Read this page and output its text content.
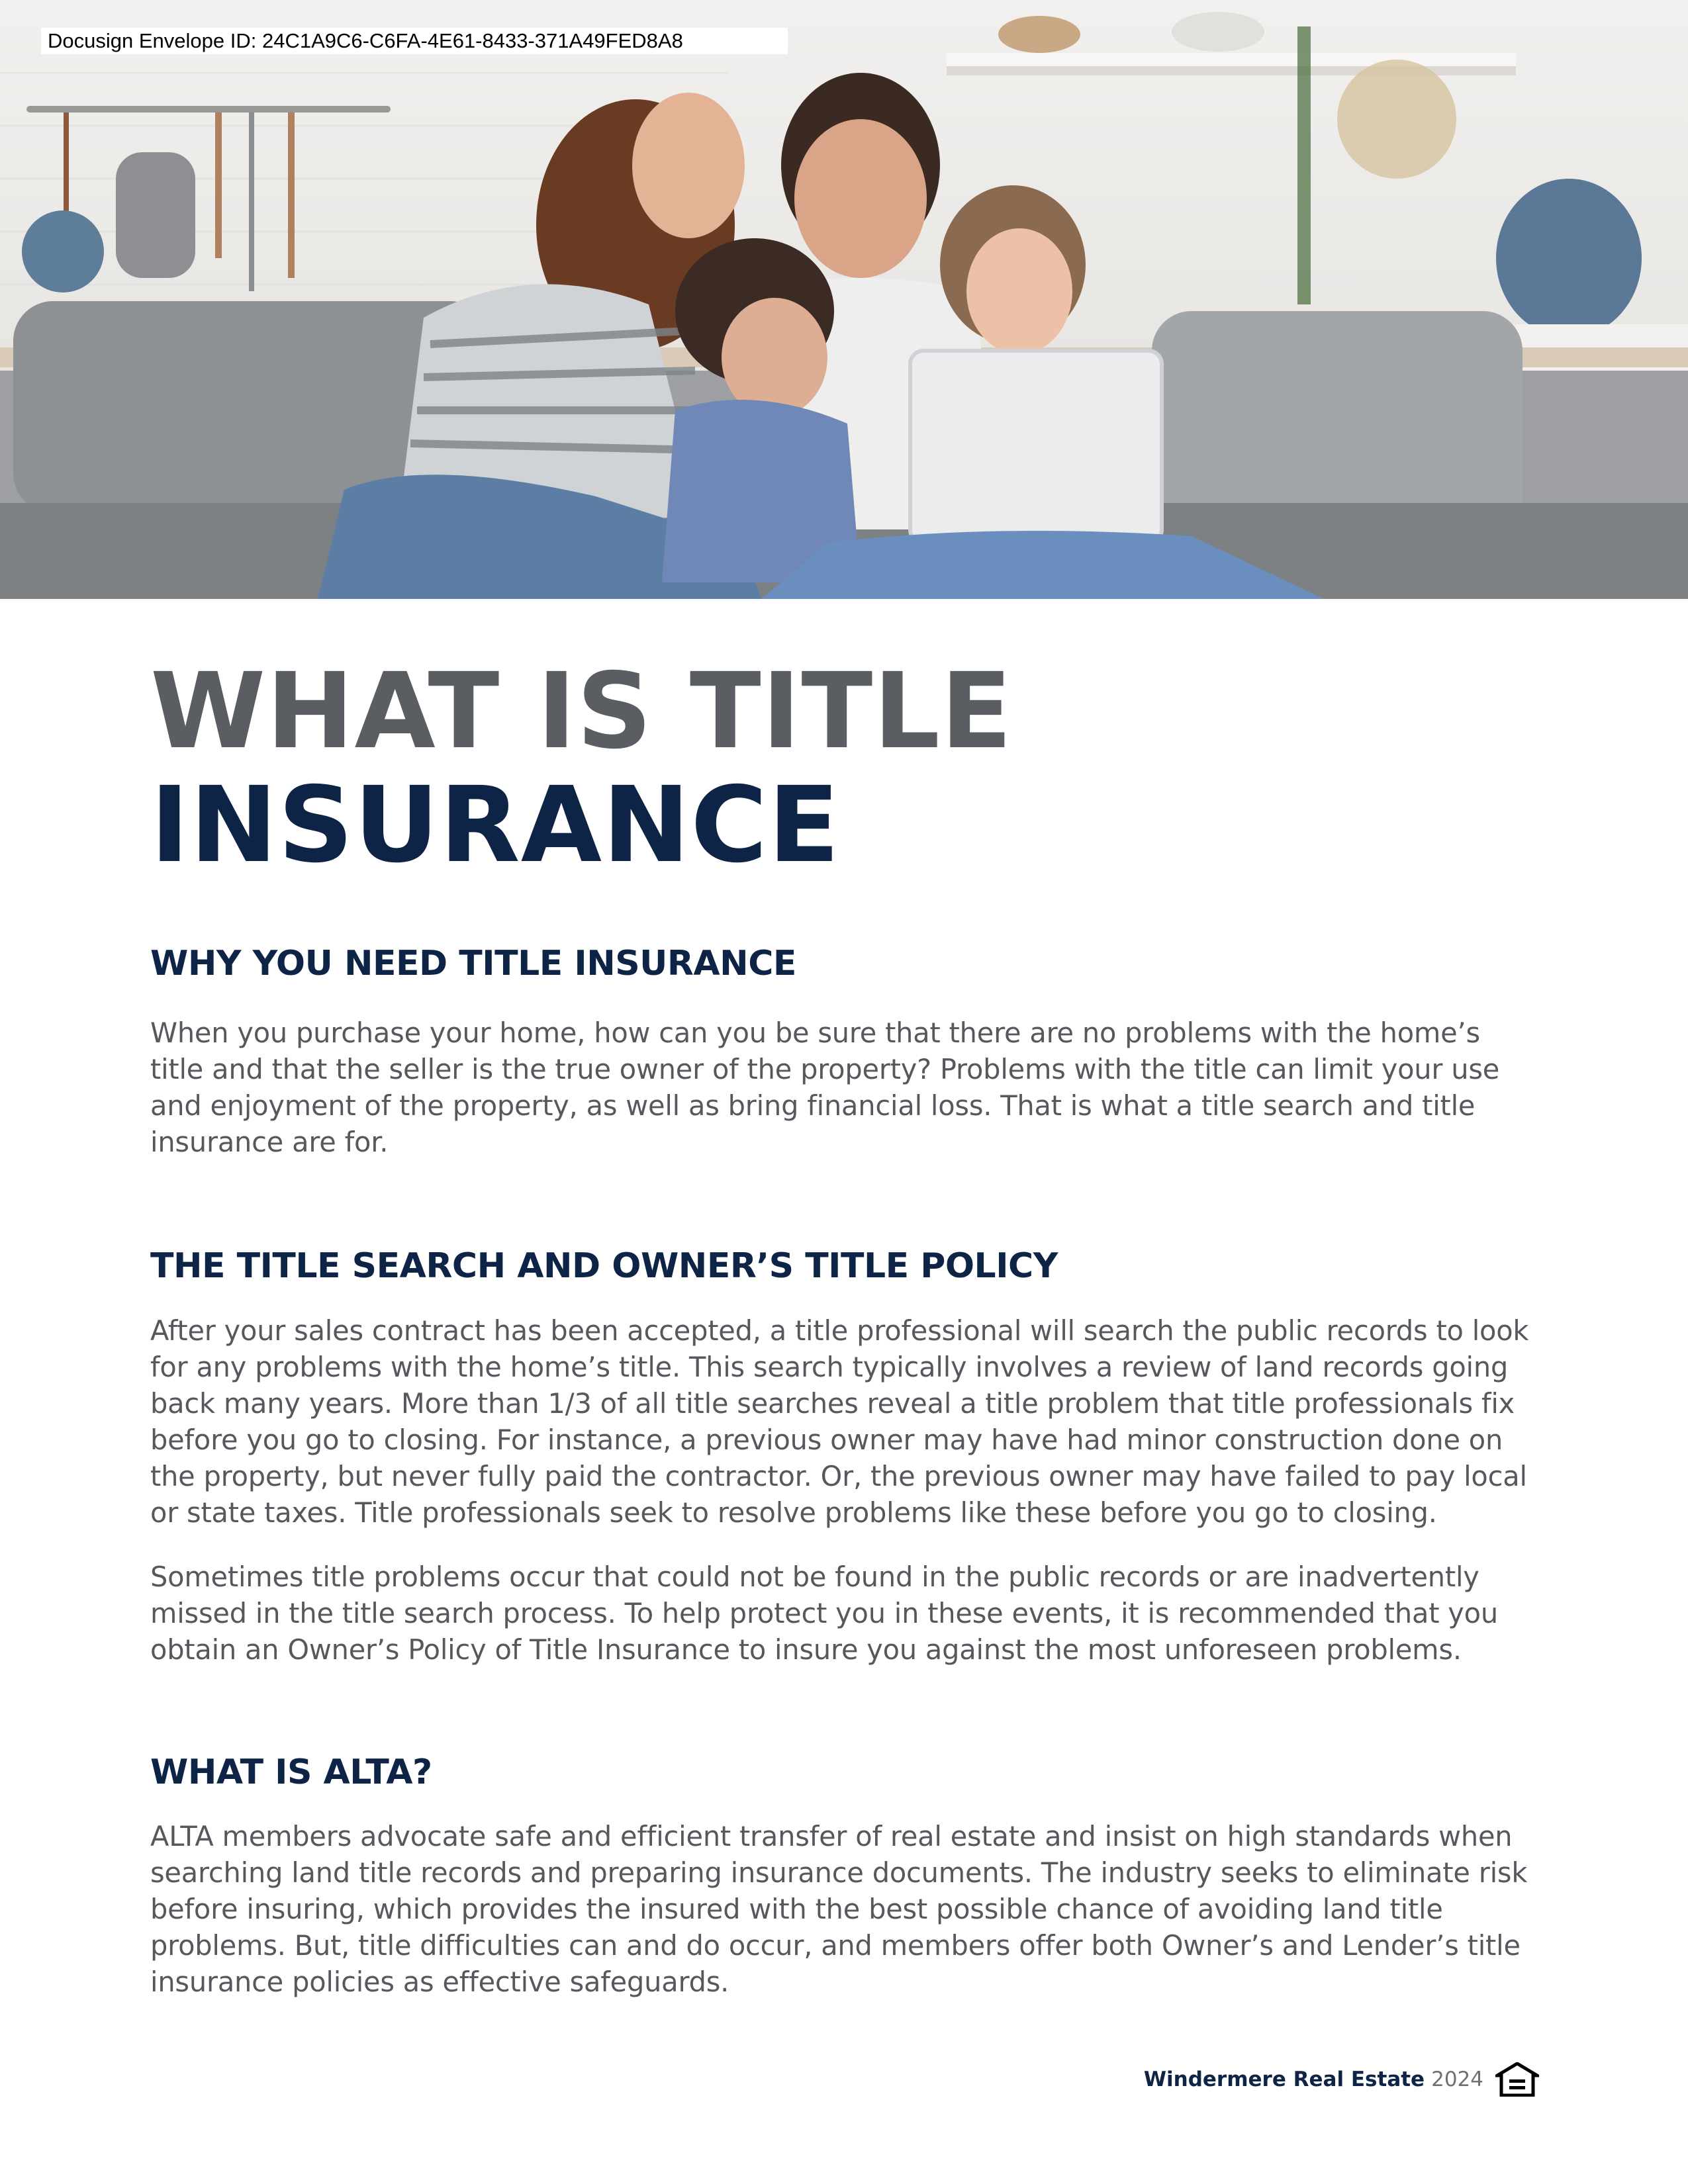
Docusign Envelope ID: 24C1A9C6-C6FA-4E61-8433-371A49FED8A8
WHAT IS TITLE
INSURANCE
WHY YOU NEED TITLE INSURANCE

When you purchase your home, how can you be sure that there are no problems with the home’s title and that the seller is the true owner of the property? Problems with the title can limit your use and enjoyment of the property, as well as bring financial loss. That is what a title search and title insurance are for.

THE TITLE SEARCH AND OWNER’S TITLE POLICY

After your sales contract has been accepted, a title professional will search the public records to look for any problems with the home’s title. This search typically involves a review of land records going back many years. More than 1/3 of all title searches reveal a title problem that title professionals fix before you go to closing. For instance, a previous owner may have had minor construction done on the property, but never fully paid the contractor. Or, the previous owner may have failed to pay local or state taxes. Title professionals seek to resolve problems like these before you go to closing.

Sometimes title problems occur that could not be found in the public records or are inadvertently missed in the title search process. To help protect you in these events, it is recommended that you obtain an Owner’s Policy of Title Insurance to insure you against the most unforeseen problems.

WHAT IS ALTA?

ALTA members advocate safe and efficient transfer of real estate and insist on high standards when searching land title records and preparing insurance documents. The industry seeks to eliminate risk before insuring, which provides the insured with the best possible chance of avoiding land title problems. But, title difficulties can and do occur, and members offer both Owner’s and Lender’s title insurance policies as effective safeguards.

Windermere Real Estate 2024
